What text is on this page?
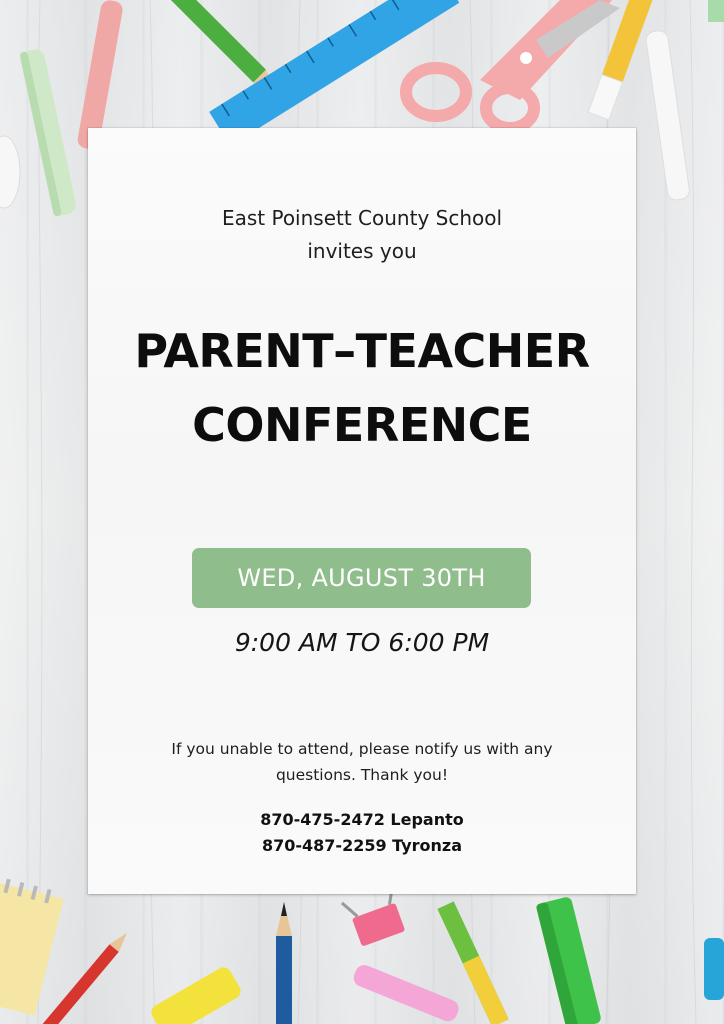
East Poinsett County School
invites you
PARENT–TEACHER
CONFERENCE
WED, AUGUST 30TH
9:00 AM TO 6:00 PM
If you unable to attend, please notify us with any
questions. Thank you!
870-475-2472 Lepanto
870-487-2259 Tyronza
